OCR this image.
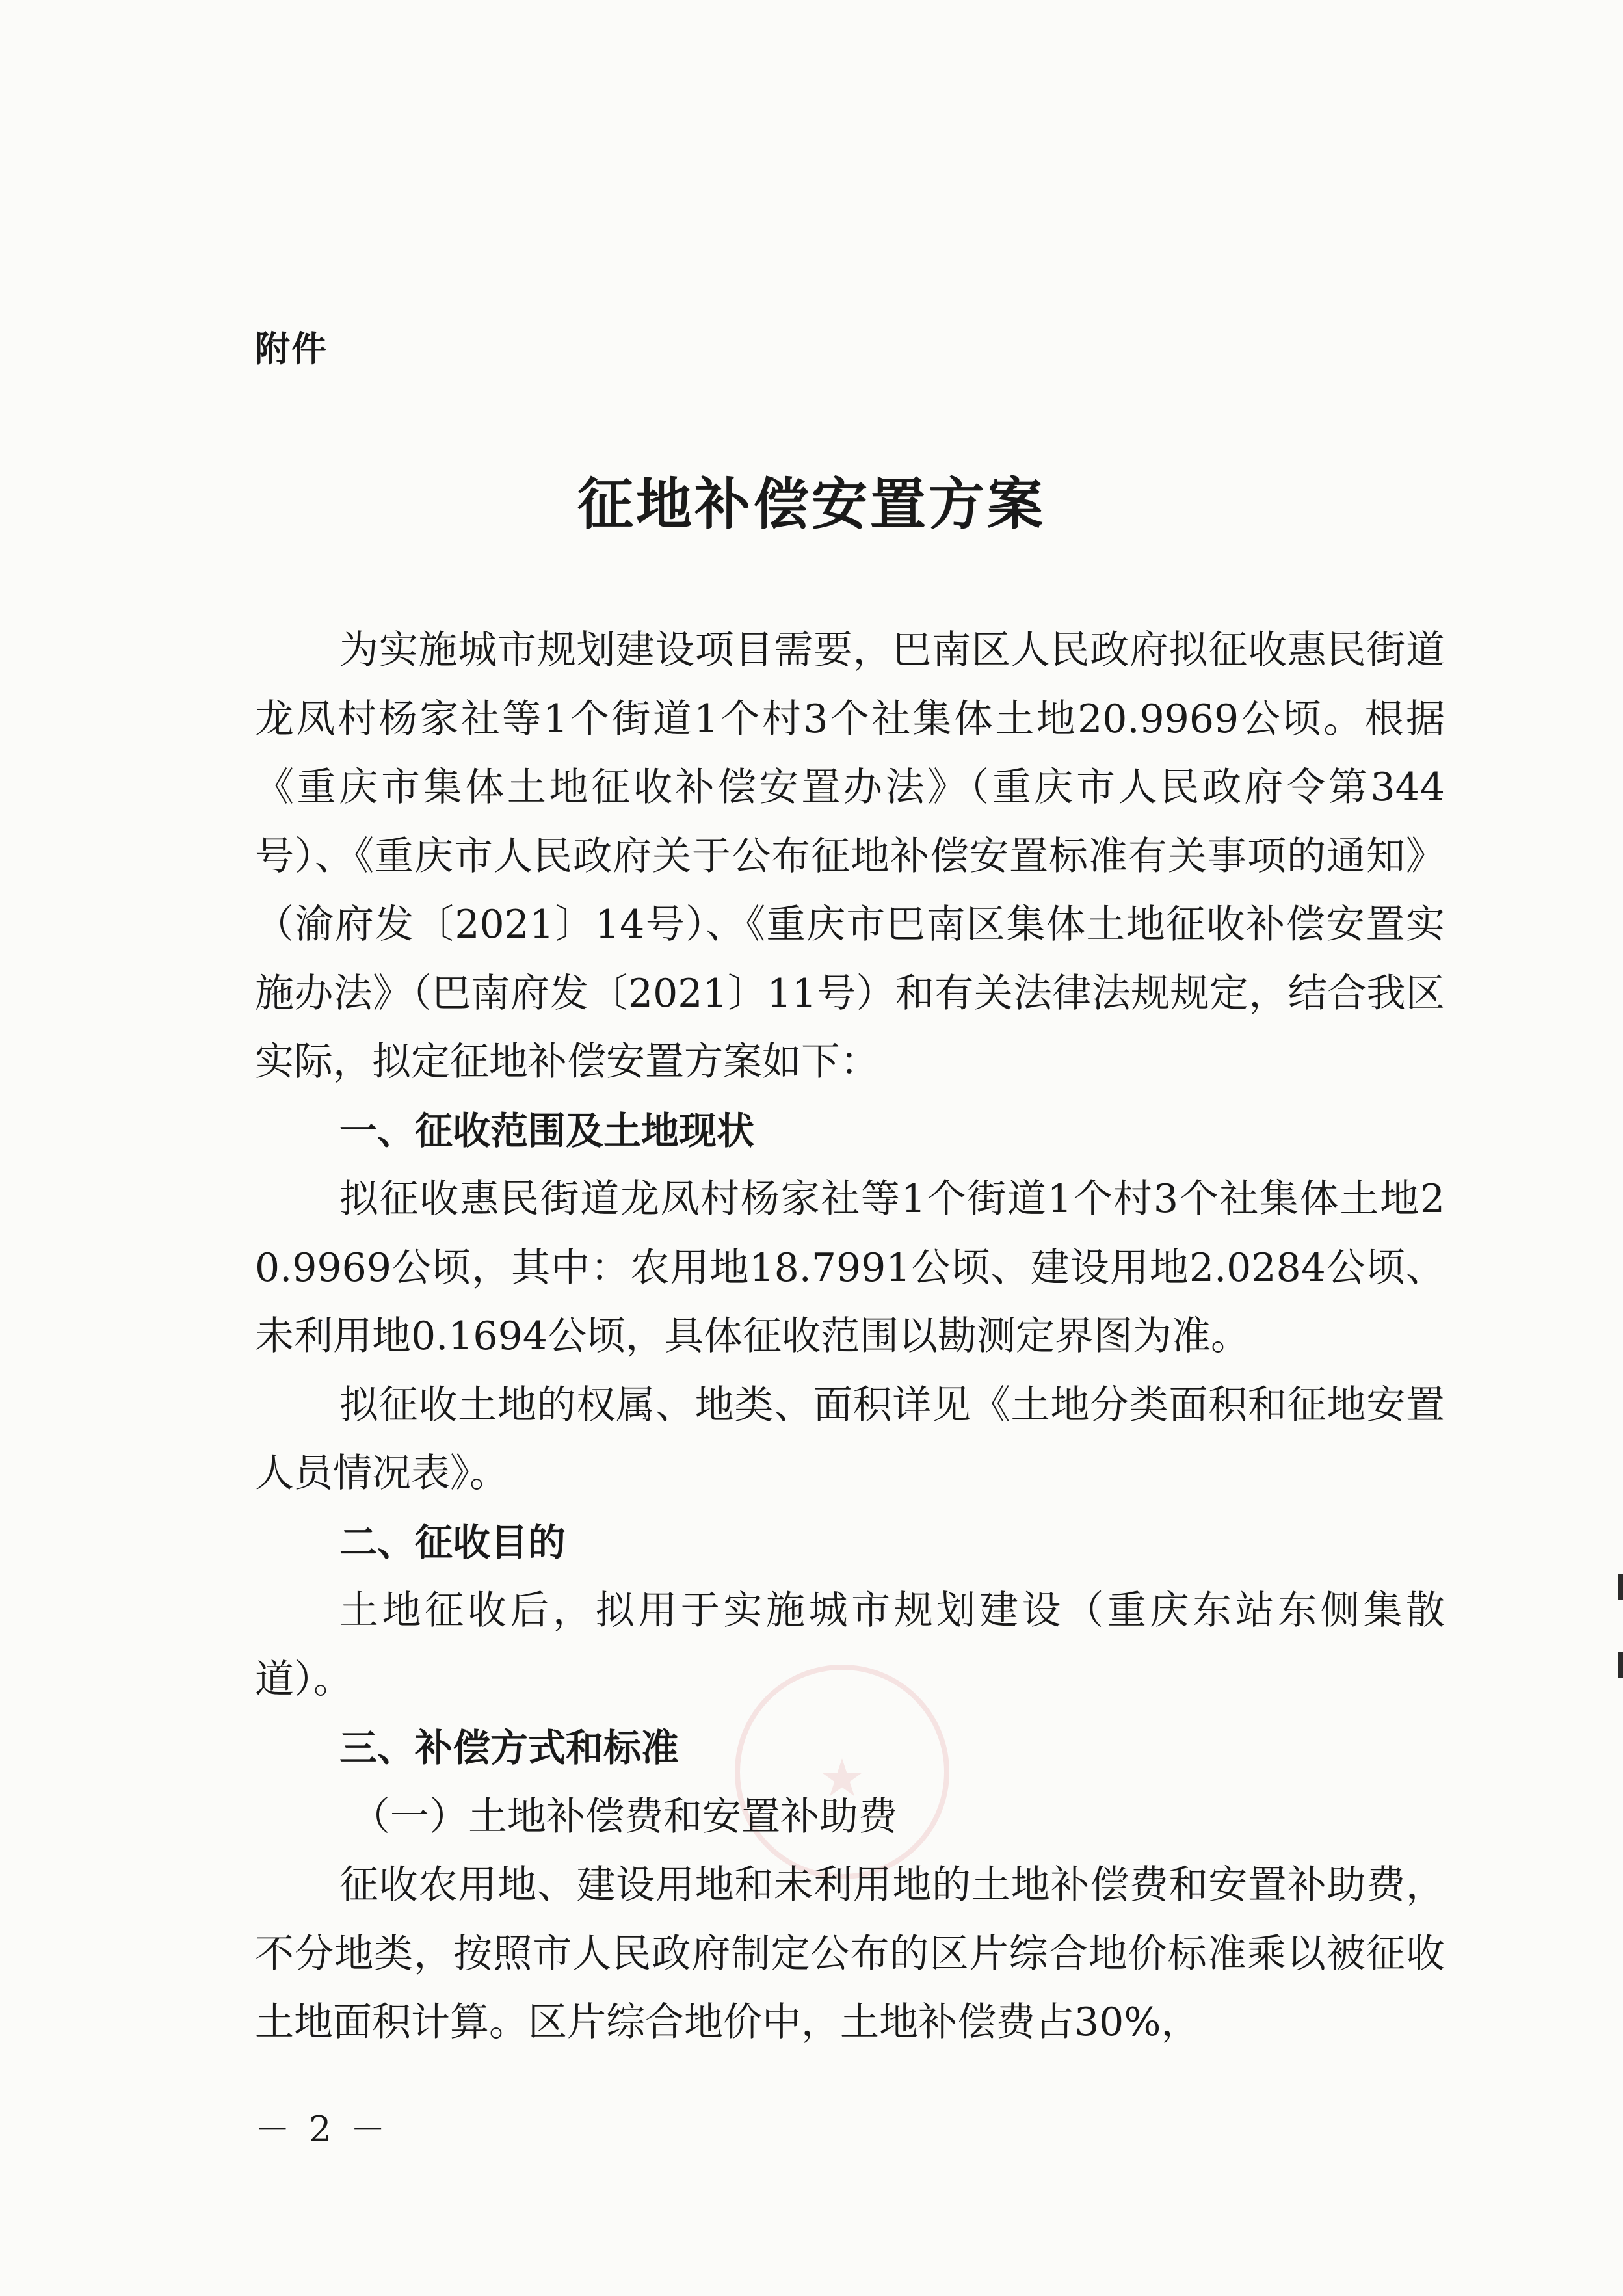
★
附件
征地补偿安置方案

为实施城市规划建设项目需要，巴南区人民政府拟征收惠民街道龙凤村杨家社等1个街道1个村3个社集体土地20.9969公顷。根据《重庆市集体土地征收补偿安置办法》（重庆市人民政府令第344号）、《重庆市人民政府关于公布征地补偿安置标准有关事项的通知》（渝府发〔2021〕14号）、《重庆市巴南区集体土地征收补偿安置实施办法》（巴南府发〔2021〕11号）和有关法律法规规定，结合我区实际，拟定征地补偿安置方案如下：

一、征收范围及土地现状

拟征收惠民街道龙凤村杨家社等1个街道1个村3个社集体土地20.9969公顷，其中：农用地18.7991公顷、建设用地2.0284公顷、未利用地0.1694公顷，具体征收范围以勘测定界图为准。

拟征收土地的权属、地类、面积详见《土地分类面积和征地安置人员情况表》。

二、征收目的

土地征收后，拟用于实施城市规划建设（重庆东站东侧集散道）。

三、补偿方式和标准

（一）土地补偿费和安置补助费

征收农用地、建设用地和未利用地的土地补偿费和安置补助费，不分地类，按照市人民政府制定公布的区片综合地价标准乘以被征收土地面积计算。区片综合地价中，土地补偿费占30%，

－ 2 －
